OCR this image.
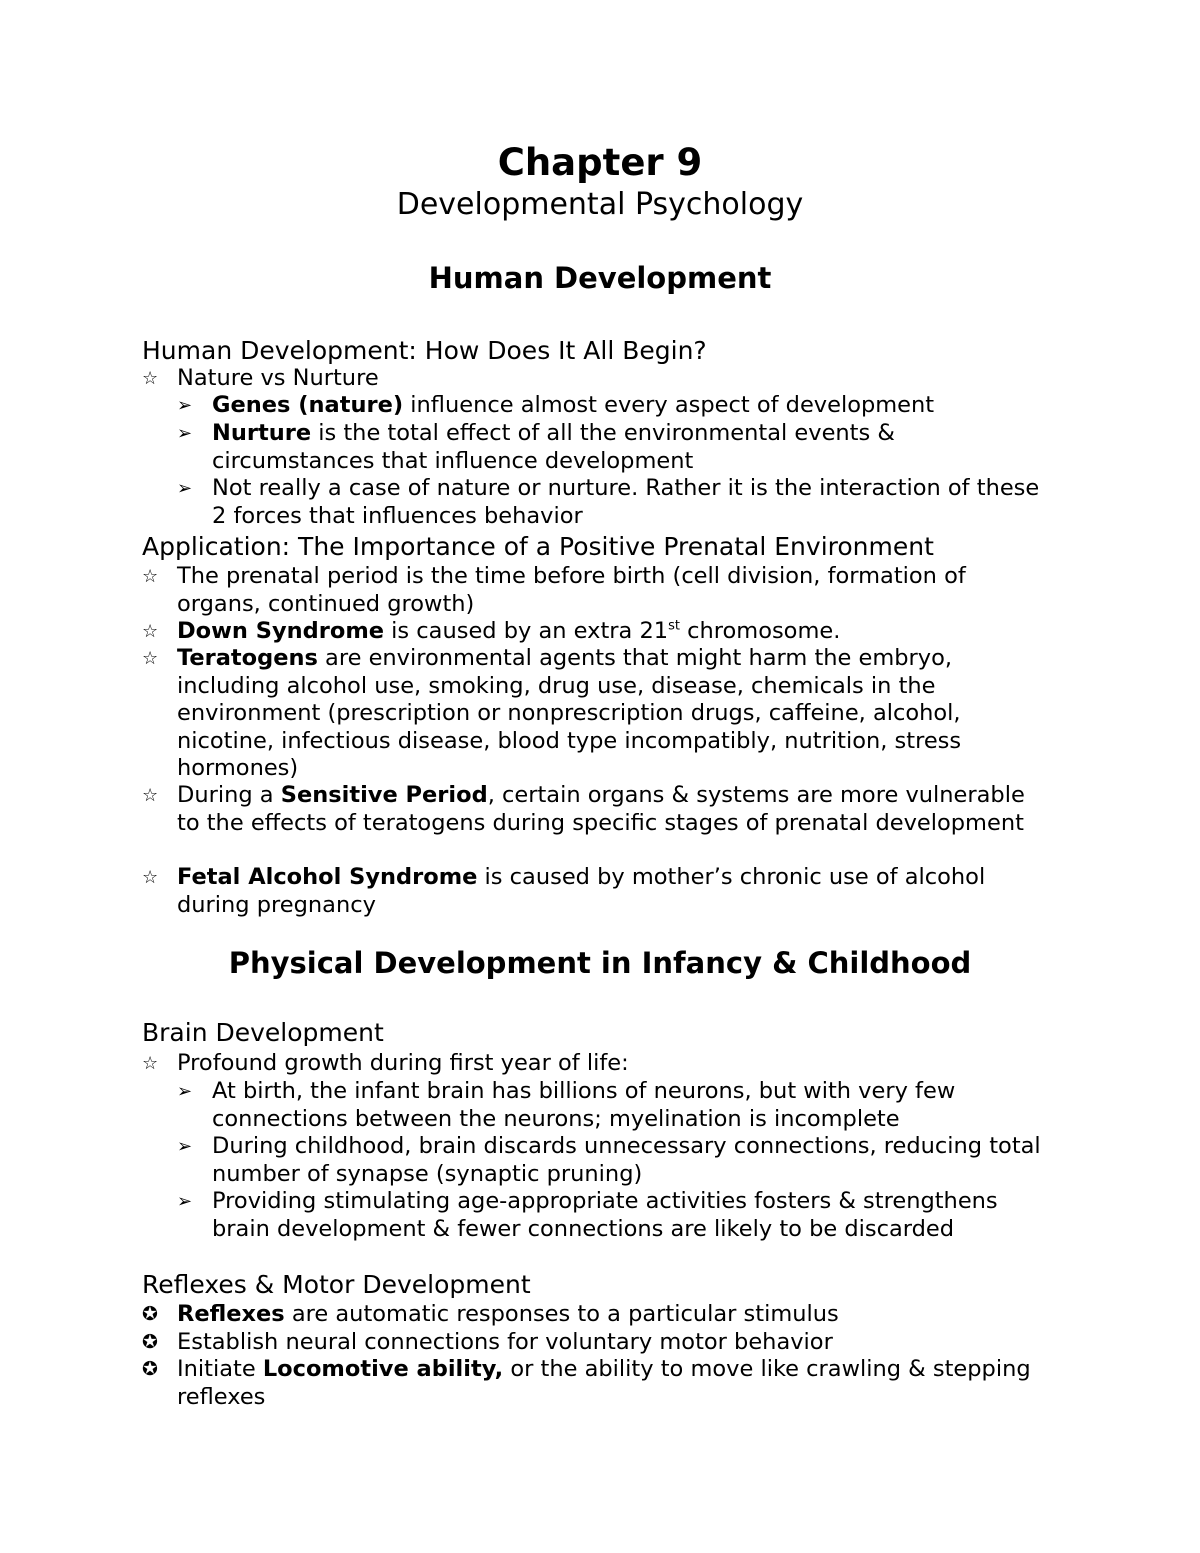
Chapter 9
Developmental Psychology
Human Development
Human Development: How Does It All Begin?
☆ Nature vs Nurture
➢ Genes (nature) influence almost every aspect of development
➢ Nurture is the total effect of all the environmental events & circumstances that influence development
➢ Not really a case of nature or nurture. Rather it is the interaction of these 2 forces that influences behavior
Application: The Importance of a Positive Prenatal Environment
☆ The prenatal period is the time before birth (cell division, formation of organs, continued growth)
☆ Down Syndrome is caused by an extra 21st chromosome.
☆ Teratogens are environmental agents that might harm the embryo, including alcohol use, smoking, drug use, disease, chemicals in the environment (prescription or nonprescription drugs, caffeine, alcohol, nicotine, infectious disease, blood type incompatibly, nutrition, stress hormones)
☆ During a Sensitive Period, certain organs & systems are more vulnerable to the effects of teratogens during specific stages of prenatal development
☆ Fetal Alcohol Syndrome is caused by mother’s chronic use of alcohol during pregnancy
Physical Development in Infancy & Childhood
Brain Development
☆ Profound growth during first year of life:
➢ At birth, the infant brain has billions of neurons, but with very few connections between the neurons; myelination is incomplete
➢ During childhood, brain discards unnecessary connections, reducing total number of synapse (synaptic pruning)
➢ Providing stimulating age-appropriate activities fosters & strengthens brain development & fewer connections are likely to be discarded
Reflexes & Motor Development
✪ Reflexes are automatic responses to a particular stimulus
✪ Establish neural connections for voluntary motor behavior
✪ Initiate Locomotive ability, or the ability to move like crawling & stepping reflexes
